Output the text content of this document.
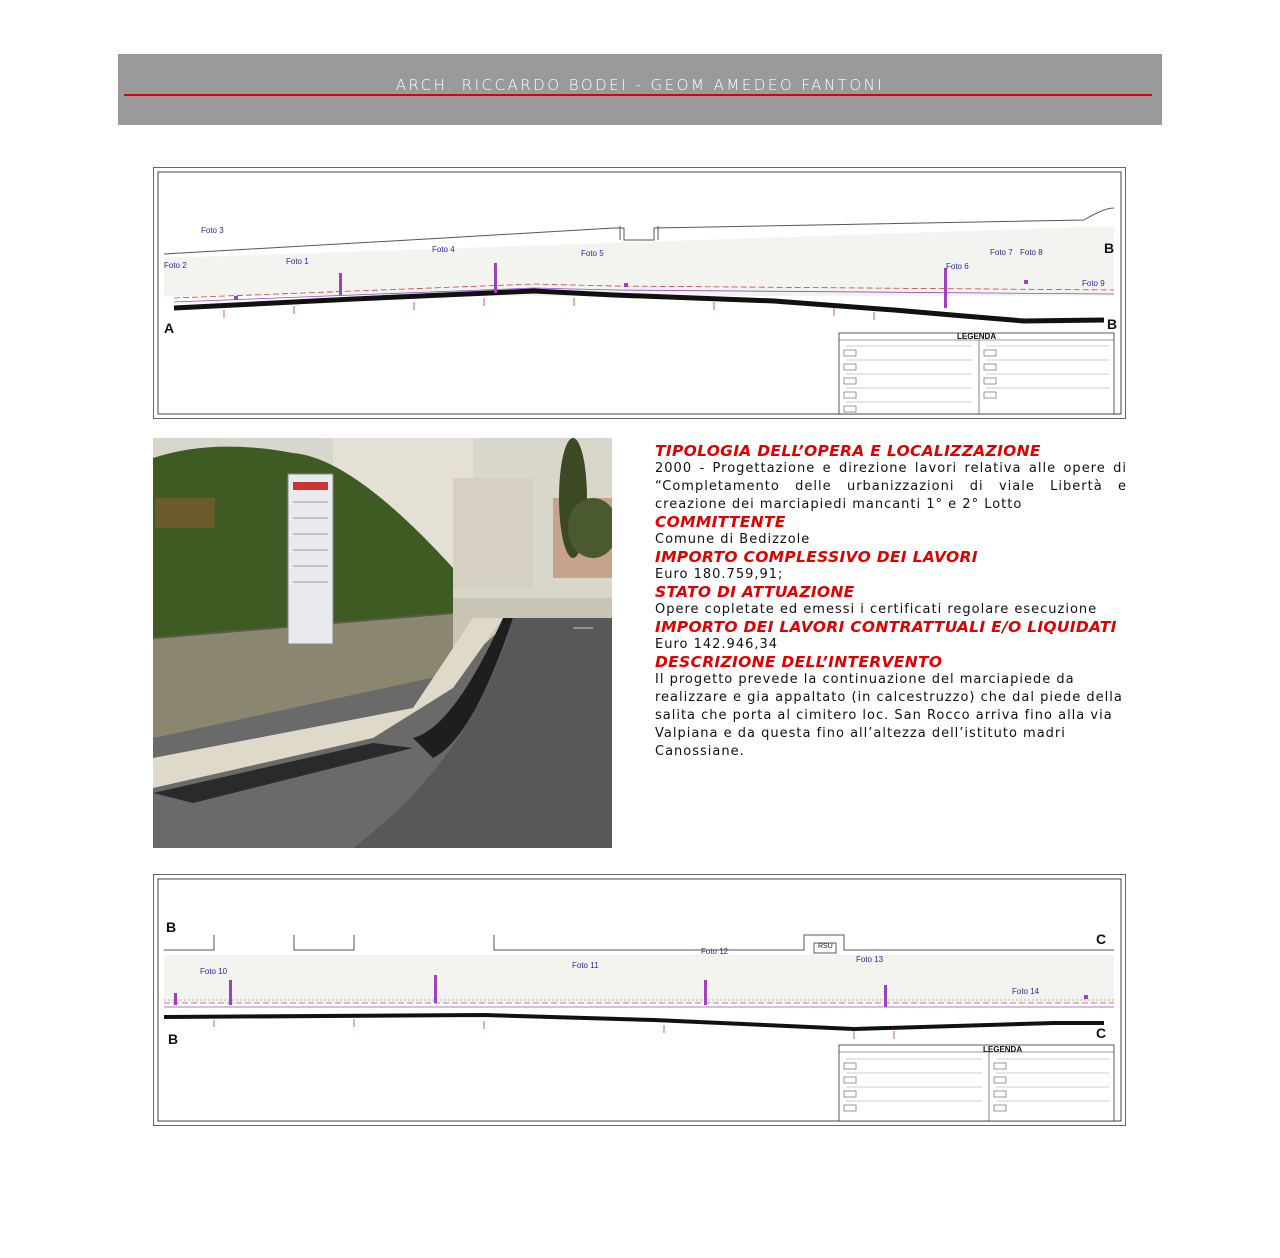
ARCH. RICCARDO BODEI - GEOM AMEDEO FANTONI
A
B
B
LEGENDA
Foto 3
Foto 2	Foto 1
Foto 4	Foto 5
Foto 6
Foto 7 Foto 8
Foto 9

TIPOLOGIA DELL’OPERA E LOCALIZZAZIONE

2000 - Progettazione e direzione lavori relativa alle opere di “Completamento delle urbanizzazioni di viale Libertà e creazione dei marciapiedi mancanti 1° e 2° Lotto

COMMITTENTE

Comune di Bedizzole

IMPORTO COMPLESSIVO DEI LAVORI

Euro 180.759,91;

STATO DI ATTUAZIONE

Opere copletate ed emessi i certificati regolare esecuzione

IMPORTO DEI LAVORI CONTRATTUALI E/O LIQUIDATI

Euro 142.946,34

DESCRIZIONE DELL’INTERVENTO

Il progetto prevede la continuazione del marciapiede da realizzare e gia appaltato (in calcestruzzo) che dal piede della salita che porta al cimitero loc. San Rocco arriva fino alla via Valpiana e da questa fino all’altezza dell’istituto madri Canossiane.

B
B
C
C
LEGENDA
RSU
Foto 10
Foto 11
Foto 12
Foto 13
Foto 14
